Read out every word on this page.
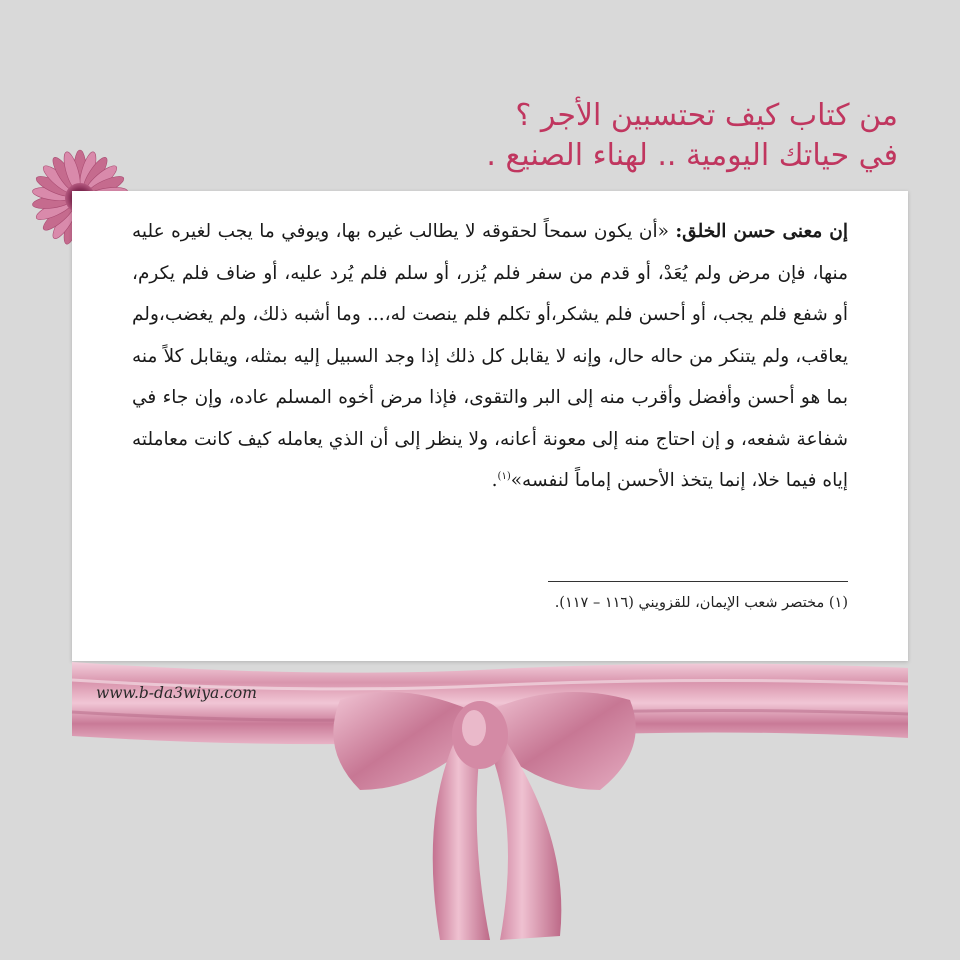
من كتاب كيف تحتسبين الأجر ؟
في حياتك اليومية .. لهناء الصنيع .
إن معنى حسن الخلق: «أن يكون سمحاً لحقوقه لا يطالب غيره بها، ويوفي ما يجب لغيره عليه منها، فإن مرض ولم يُعَدْ، أو قدم من سفر فلم يُزر، أو سلم فلم يُرد عليه، أو ضاف فلم يكرم، أو شفع فلم يجب، أو أحسن فلم يشكر،أو تكلم فلم ينصت له،... وما أشبه ذلك، ولم يغضب،ولم يعاقب، ولم يتنكر من حاله حال، وإنه لا يقابل كل ذلك إذا وجد السبيل إليه بمثله، ويقابل كلاً منه بما هو أحسن وأفضل وأقرب منه إلى البر والتقوى، فإذا مرض أخوه المسلم عاده، وإن جاء في شفاعة شفعه، و إن احتاج منه إلى معونة أعانه، ولا ينظر إلى أن الذي يعامله كيف كانت معاملته إياه فيما خلا، إنما يتخذ الأحسن إماماً لنفسه»$^{(١)}$.
(١) مختصر شعب الإيمان، للقزويني (١١٦ – ١١٧).
www.b-da3wiya.com
